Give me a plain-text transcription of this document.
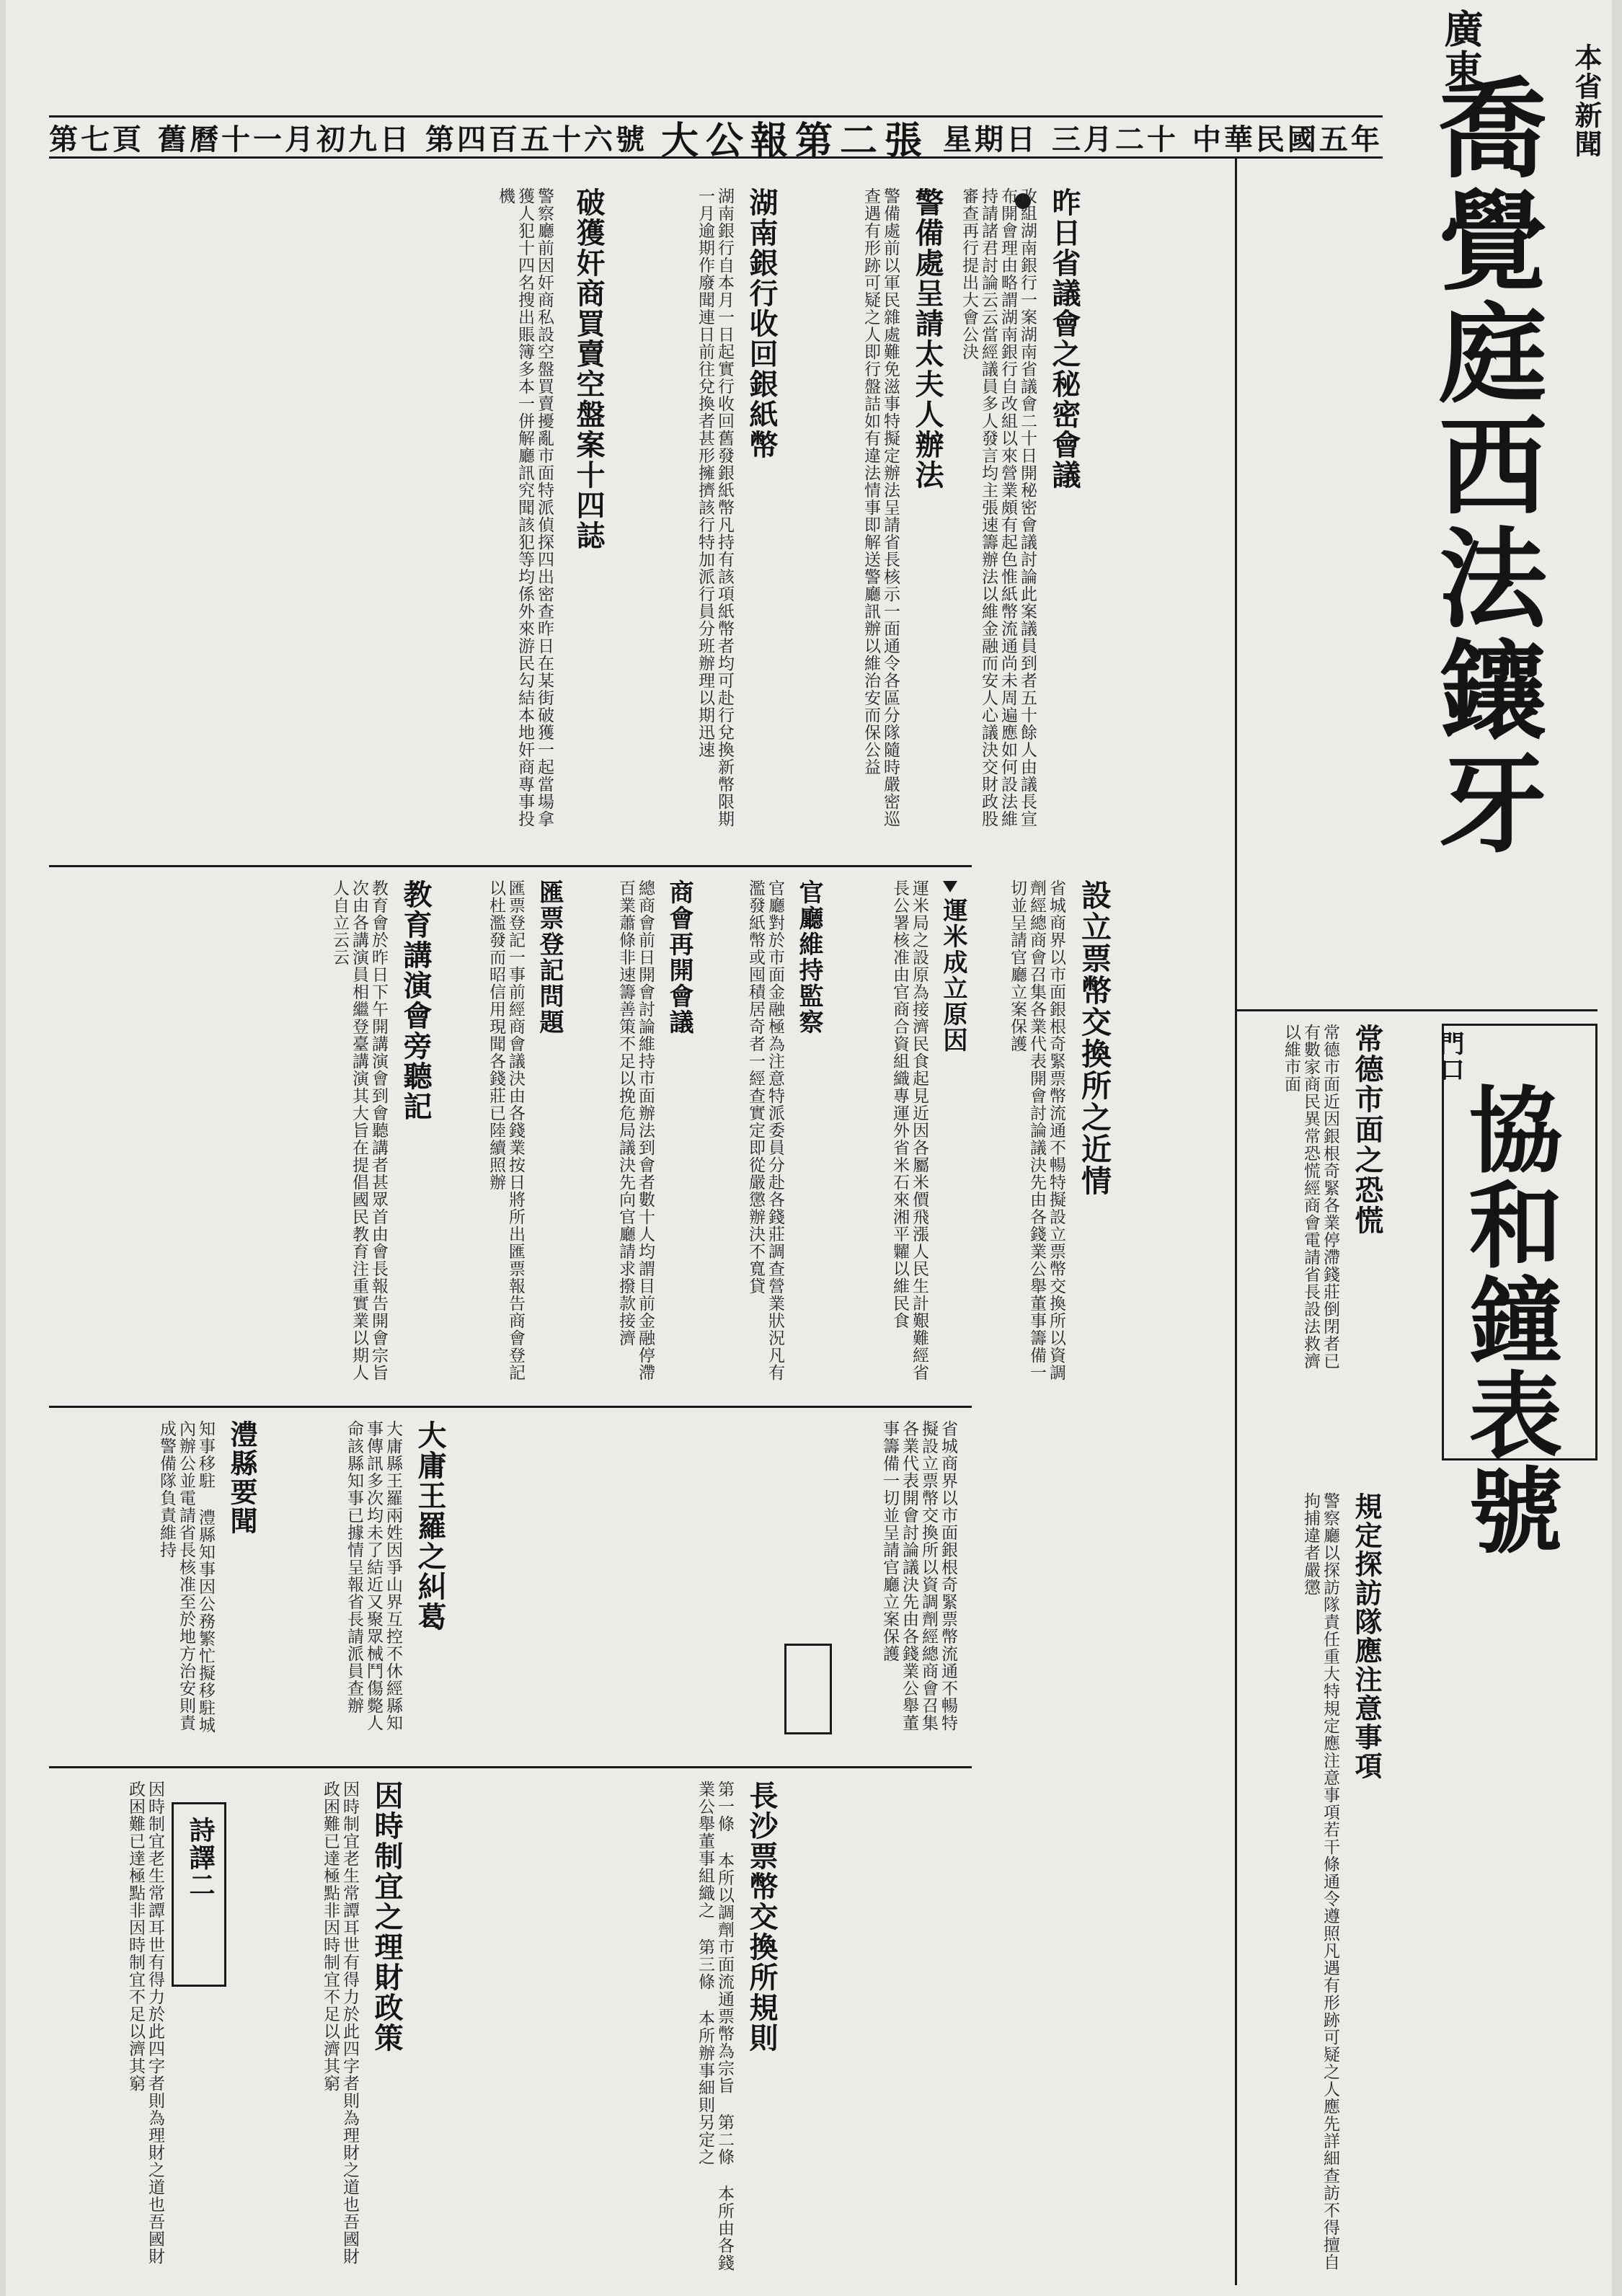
第七頁 舊曆十一月初九日 第四百五十六號 大公報第二張 星期日 三月二十 中華民國五年
廣東
喬覺庭西法鑲牙 本省新聞
協和鐘表號
門口
昨日省議會之秘密會議
改組湖南銀行一案湖南省議會二十日開秘密會議討論此案議員到者五十餘人由議長宣布開會理由略謂湖南銀行自改組以來營業頗有起色惟紙幣流通尚未周遍應如何設法維持請諸君討論云云當經議員多人發言均主張速籌辦法以維金融而安人心議決交財政股審查再行提出大會公決
警備處呈請太夫人辦法
警備處前以軍民雜處難免滋事特擬定辦法呈請省長核示一面通令各區分隊隨時嚴密巡查遇有形跡可疑之人即行盤詰如有違法情事即解送警廳訊辦以維治安而保公益
湖南銀行收回銀紙幣
湖南銀行自本月一日起實行收回舊發銀紙幣凡持有該項紙幣者均可赴行兌換新幣限期一月逾期作廢聞連日前往兌換者甚形擁擠該行特加派行員分班辦理以期迅速
破獲奸商買賣空盤案十四誌
警察廳前因奸商私設空盤買賣擾亂市面特派偵探四出密查昨日在某街破獲一起當場拿獲人犯十四名搜出賬簿多本一併解廳訊究聞該犯等均係外來游民勾結本地奸商專事投機
設立票幣交換所之近情
省城商界以市面銀根奇緊票幣流通不暢特擬設立票幣交換所以資調劑經總商會召集各業代表開會討論議決先由各錢業公舉董事籌備一切並呈請官廳立案保護
運米成立原因
運米局之設原為接濟民食起見近因各屬米價飛漲人民生計艱難經省長公署核准由官商合資組織專運外省米石來湘平糶以維民食
官廳維持監察
官廳對於市面金融極為注意特派委員分赴各錢莊調查營業狀況凡有濫發紙幣或囤積居奇者一經查實定即從嚴懲辦決不寬貸
商會再開會議
總商會前日開會討論維持市面辦法到會者數十人均謂目前金融停滯百業蕭條非速籌善策不足以挽危局議決先向官廳請求撥款接濟
匯票登記問題
匯票登記一事前經商會議決由各錢業按日將所出匯票報告商會登記以杜濫發而昭信用現聞各錢莊已陸續照辦
教育講演會旁聽記
教育會於昨日下午開講演會到會聽講者甚眾首由會長報告開會宗旨次由各講演員相繼登臺講演其大旨在提倡國民教育注重實業以期人人自立云云
常德市面之恐慌
常德市面近因銀根奇緊各業停滯錢莊倒閉者已有數家商民異常恐慌經商會電請省長設法救濟以維市面
大庸王羅之糾葛
大庸縣王羅兩姓因爭山界互控不休經縣知事傳訊多次均未了結近又聚眾械鬥傷斃人命該縣知事已據情呈報省長請派員查辦
澧縣要聞
知事移駐 澧縣知事因公務繁忙擬移駐城內辦公並電請省長核准至於地方治安則責成警備隊負責維持	省城商界以市面銀根奇緊票幣流通不暢特擬設立票幣交換所以資調劑經總商會召集各業代表開會討論議決先由各錢業公舉董事籌備一切並呈請官廳立案保護	規定探訪隊應注意事項
警察廳以探訪隊責任重大特規定應注意事項若干條通令遵照凡遇有形跡可疑之人應先詳細查訪不得擅自拘捕違者嚴懲
長沙票幣交換所規則
第一條 本所以調劑市面流通票幣為宗旨 第二條 本所由各錢業公舉董事組織之 第三條 本所辦事細則另定之
因時制宜之理財政策
因時制宜老生常譚耳世有得力於此四字者則為理財之道也吾國財政困難已達極點非因時制宜不足以濟其窮
詩譯二
因時制宜老生常譚耳世有得力於此四字者則為理財之道也吾國財政困難已達極點非因時制宜不足以濟其窮
